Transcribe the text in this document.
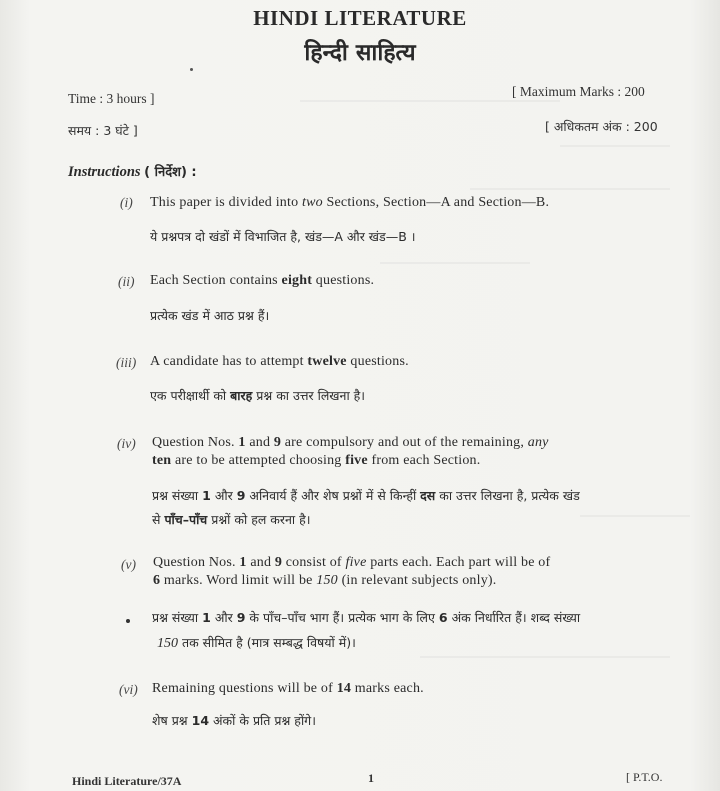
HINDI LITERATURE
हिन्दी साहित्य
Time : 3 hours ]	[ Maximum Marks : 200
समय : 3 घंटे ]	[ अधिकतम अंक : 200
Instructions ( निर्देश) :
(i) This paper is divided into two Sections, Section—A and Section—B.
ये प्रश्नपत्र दो खंडों में विभाजित है, खंड—A और खंड—B ।
(ii) Each Section contains eight questions.
प्रत्येक खंड में आठ प्रश्न हैं।
(iii) A candidate has to attempt twelve questions.
एक परीक्षार्थी को बारह प्रश्न का उत्तर लिखना है।
(iv) Question Nos. 1 and 9 are compulsory and out of the remaining, any
ten are to be attempted choosing five from each Section.
प्रश्न संख्या 1 और 9 अनिवार्य हैं और शेष प्रश्नों में से किन्हीं दस का उत्तर लिखना है, प्रत्येक खंड
से पाँच–पाँच प्रश्नों को हल करना है।
(v) Question Nos. 1 and 9 consist of five parts each. Each part will be of
6 marks. Word limit will be 150 (in relevant subjects only).
प्रश्न संख्या 1 और 9 के पाँच–पाँच भाग हैं। प्रत्येक भाग के लिए 6 अंक निर्धारित हैं। शब्द संख्या
150 तक सीमित है (मात्र सम्बद्ध विषयों में)।
(vi) Remaining questions will be of 14 marks each.
शेष प्रश्न 14 अंकों के प्रति प्रश्न होंगे।
Hindi Literature/37A	1	[ P.T.O.
